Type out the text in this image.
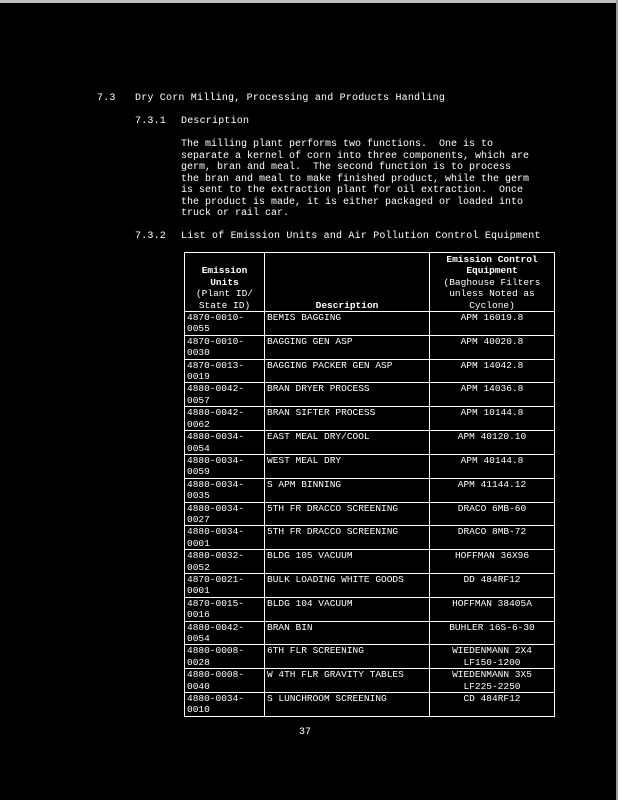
7.3 Dry Corn Milling, Processing and Products Handling
7.3.1 Description
The milling plant performs two functions.  One is to
separate a kernel of corn into three components, which are
germ, bran and meal.  The second function is to process
the bran and meal to make finished product, while the germ
is sent to the extraction plant for oil extraction.  Once
the product is made, it is either packaged or loaded into
truck or rail car.
7.3.2 List of Emission Units and Air Pollution Control Equipment
Emission
Units
(Plant ID/
State ID)	Description	Emission Control
Equipment
(Baghouse Filters
unless Noted as
Cyclone)

4870-0010-
0055	BEMIS BAGGING	APM 16019.8

4870-0010-
0030	BAGGING GEN ASP	APM 40020.8

4870-0013-
0019	BAGGING PACKER GEN ASP	APM 14042.8

4880-0042-
0057	BRAN DRYER PROCESS	APM 14036.8

4880-0042-
0062	BRAN SIFTER PROCESS	APM 10144.8

4880-0034-
0054	EAST MEAL DRY/COOL	APM 40120.10

4880-0034-
0059	WEST MEAL DRY	APM 40144.8

4880-0034-
0035	S APM BINNING	APM 41144.12

4880-0034-
0027	5TH FR DRACCO SCREENING	DRACO 6MB-60

4880-0034-
0001	5TH FR DRACCO SCREENING	DRACO 8MB-72

4880-0032-
0052	BLDG 105 VACUUM	HOFFMAN 36X96

4870-0021-
0001	BULK LOADING WHITE GOODS	DD 484RF12

4870-0015-
0016	BLDG 104 VACUUM	HOFFMAN 38405A

4880-0042-
0054	BRAN BIN	BUHLER 16S-6-30

4880-0008-
0028	6TH FLR SCREENING	WIEDENMANN 2X4
LF150-1200

4880-0008-
0040	W 4TH FLR GRAVITY TABLES	WIEDENMANN 3X5
LF225-2250

4880-0034-
0010	S LUNCHROOM SCREENING	CD 484RF12
37
